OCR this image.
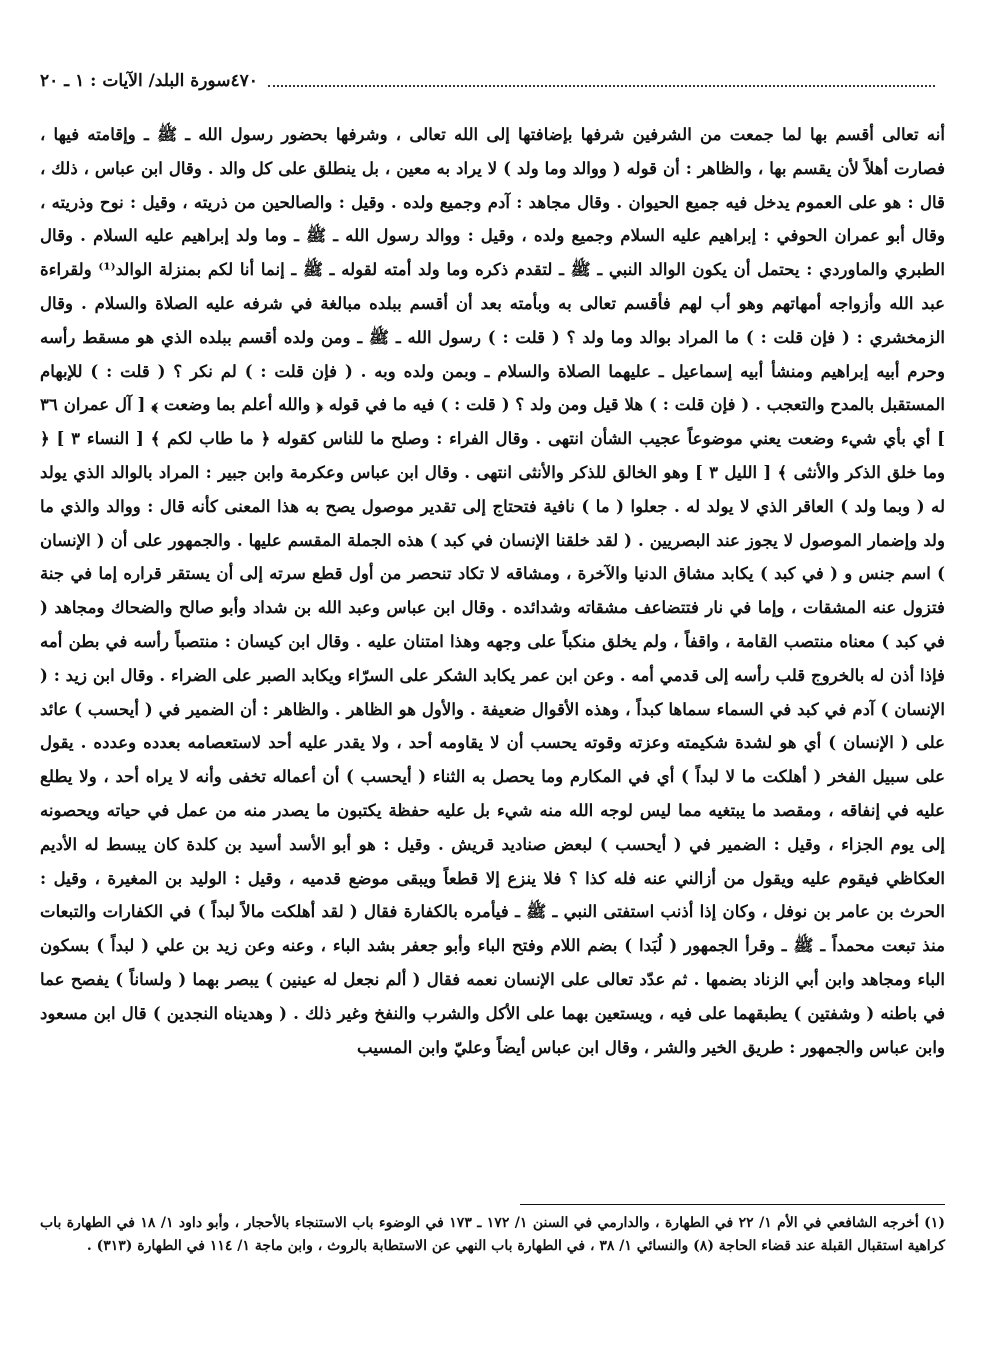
سورة البلد/ الآيات : ١ ـ ٢٠ ٤٧٠

أنه تعالى أقسم بها لما جمعت من الشرفين شرفها بإضافتها إلى الله تعالى ، وشرفها بحضور رسول الله ـ ﷺ ـ وإقامته فيها ، فصارت أهلاً لأن يقسم بها ، والظاهر : أن قوله ( ووالد وما ولد ) لا يراد به معين ، بل ينطلق على كل والد . وقال ابن عباس ، ذلك ، قال : هو على العموم يدخل فيه جميع الحيوان . وقال مجاهد : آدم وجميع ولده . وقيل : والصالحين من ذريته ، وقيل : نوح وذريته ، وقال أبو عمران الحوفي : إبراهيم عليه السلام وجميع ولده ، وقيل : ووالد رسول الله ـ ﷺ ـ وما ولد إبراهيم عليه السلام . وقال الطبري والماوردي : يحتمل أن يكون الوالد النبي ـ ﷺ ـ لتقدم ذكره وما ولد أمته لقوله ـ ﷺ ـ إنما أنا لكم بمنزلة الوالد⁽¹⁾ ولقراءة عبد الله وأزواجه أمهاتهم وهو أب لهم فأقسم تعالى به وبأمته بعد أن أقسم ببلده مبالغة في شرفه عليه الصلاة والسلام . وقال الزمخشري : ( فإن قلت : ) ما المراد بوالد وما ولد ؟ ( قلت : ) رسول الله ـ ﷺ ـ ومن ولده أقسم ببلده الذي هو مسقط رأسه وحرم أبيه إبراهيم ومنشأ أبيه إسماعيل ـ عليهما الصلاة والسلام ـ وبمن ولده وبه . ( فإن قلت : ) لم نكر ؟ ( قلت : ) للإبهام المستقبل بالمدح والتعجب . ( فإن قلت : ) هلا قيل ومن ولد ؟ ( قلت : ) فيه ما في قوله ﴿ والله أعلم بما وضعت ﴾ [ آل عمران ٣٦ ] أي بأي شيء وضعت يعني موضوعاً عجيب الشأن انتهى . وقال الفراء : وصلح ما للناس كقوله ﴿ ما طاب لكم ﴾ [ النساء ٣ ] ﴿ وما خلق الذكر والأنثى ﴾ [ الليل ٣ ] وهو الخالق للذكر والأنثى انتهى . وقال ابن عباس وعكرمة وابن جبير : المراد بالوالد الذي يولد له ( وبما ولد ) العاقر الذي لا يولد له . جعلوا ( ما ) نافية فتحتاج إلى تقدير موصول يصح به هذا المعنى كأنه قال : ووالد والذي ما ولد وإضمار الموصول لا يجوز عند البصريين . ( لقد خلقنا الإنسان في كبد ) هذه الجملة المقسم عليها . والجمهور على أن ( الإنسان ) اسم جنس و ( في كبد ) يكابد مشاق الدنيا والآخرة ، ومشاقه لا تكاد تنحصر من أول قطع سرته إلى أن يستقر قراره إما في جنة فتزول عنه المشقات ، وإما في نار فتتضاعف مشقاته وشدائده . وقال ابن عباس وعبد الله بن شداد وأبو صالح والضحاك ومجاهد ( في كبد ) معناه منتصب القامة ، واقفاً ، ولم يخلق منكباً على وجهه وهذا امتنان عليه . وقال ابن كيسان : منتصباً رأسه في بطن أمه فإذا أذن له بالخروج قلب رأسه إلى قدمي أمه . وعن ابن عمر يكابد الشكر على السرّاء ويكابد الصبر على الضراء . وقال ابن زيد : ( الإنسان ) آدم في كبد في السماء سماها كبداً ، وهذه الأقوال ضعيفة . والأول هو الظاهر . والظاهر : أن الضمير في ( أيحسب ) عائد على ( الإنسان ) أي هو لشدة شكيمته وعزته وقوته يحسب أن لا يقاومه أحد ، ولا يقدر عليه أحد لاستعصامه بعدده وعدده . يقول على سبيل الفخر ( أهلكت ما لا لبداً ) أي في المكارم وما يحصل به الثناء ( أيحسب ) أن أعماله تخفى وأنه لا يراه أحد ، ولا يطلع عليه في إنفاقه ، ومقصد ما يبتغيه مما ليس لوجه الله منه شيء بل عليه حفظة يكتبون ما يصدر منه من عمل في حياته ويحصونه إلى يوم الجزاء ، وقيل : الضمير في ( أيحسب ) لبعض صناديد قريش . وقيل : هو أبو الأسد أسيد بن كلدة كان يبسط له الأديم العكاظي فيقوم عليه ويقول من أزالني عنه فله كذا ؟ فلا ينزع إلا قطعاً ويبقى موضع قدميه ، وقيل : الوليد بن المغيرة ، وقيل : الحرث بن عامر بن نوفل ، وكان إذا أذنب استفتى النبي ـ ﷺ ـ فيأمره بالكفارة فقال ( لقد أهلكت مالاً لبداً ) في الكفارات والتبعات منذ تبعت محمداً ـ ﷺ ـ وقرأ الجمهور ( لُبَدا ) بضم اللام وفتح الباء وأبو جعفر بشد الباء ، وعنه وعن زيد بن علي ( لبداً ) بسكون الباء ومجاهد وابن أبي الزناد بضمها . ثم عدّد تعالى على الإنسان نعمه فقال ( ألم نجعل له عينين ) يبصر بهما ( ولساناً ) يفصح عما في باطنه ( وشفتين ) يطبقهما على فيه ، ويستعين بهما على الأكل والشرب والنفخ وغير ذلك . ( وهديناه النجدين ) قال ابن مسعود وابن عباس والجمهور : طريق الخير والشر ، وقال ابن عباس أيضاً وعليّ وابن المسيب

(١) أخرجه الشافعي في الأم ١/ ٢٢ في الطهارة ، والدارمي في السنن ١/ ١٧٢ ـ ١٧٣ في الوضوء باب الاستنجاء بالأحجار ، وأبو داود ١/ ١٨ في الطهارة باب كراهية استقبال القبلة عند قضاء الحاجة (٨) والنسائي ١/ ٣٨ ، في الطهارة باب النهي عن الاستطابة بالروث ، وابن ماجة ١/ ١١٤ في الطهارة (٣١٣) .
